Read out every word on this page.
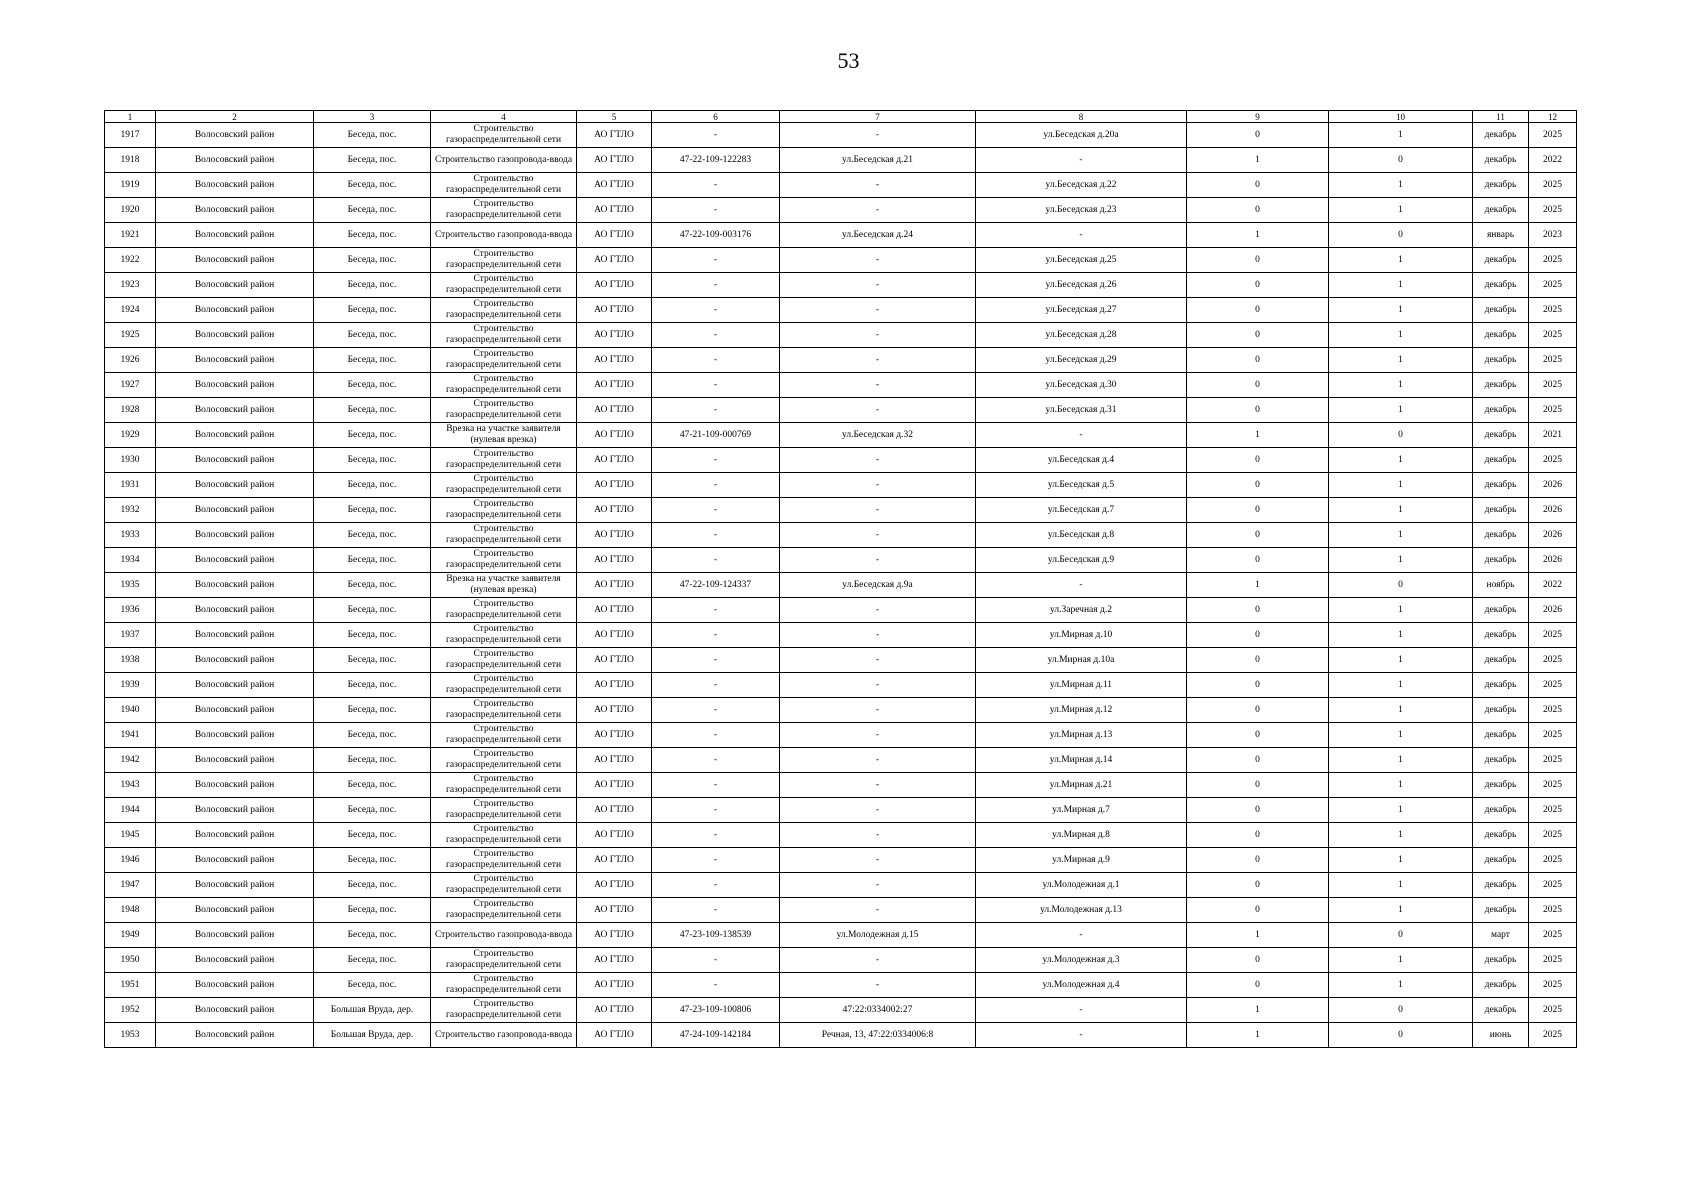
53
1	2	3	4	5	6	7	8	9	10	11	12
1917	Волосовский район	Беседа, пос.	Строительство газораспределительной сети	АО ГТЛО	-	-	ул.Беседская д.20а	0	1	декабрь	2025
1918	Волосовский район	Беседа, пос.	Строительство газопровода-ввода	АО ГТЛО	47-22-109-122283	ул.Беседская д.21	-	1	0	декабрь	2022
1919	Волосовский район	Беседа, пос.	Строительство газораспределительной сети	АО ГТЛО	-	-	ул.Беседская д.22	0	1	декабрь	2025
1920	Волосовский район	Беседа, пос.	Строительство газораспределительной сети	АО ГТЛО	-	-	ул.Беседская д.23	0	1	декабрь	2025
1921	Волосовский район	Беседа, пос.	Строительство газопровода-ввода	АО ГТЛО	47-22-109-003176	ул.Беседская д.24	-	1	0	январь	2023
1922	Волосовский район	Беседа, пос.	Строительство газораспределительной сети	АО ГТЛО	-	-	ул.Беседская д.25	0	1	декабрь	2025
1923	Волосовский район	Беседа, пос.	Строительство газораспределительной сети	АО ГТЛО	-	-	ул.Беседская д.26	0	1	декабрь	2025
1924	Волосовский район	Беседа, пос.	Строительство газораспределительной сети	АО ГТЛО	-	-	ул.Беседская д.27	0	1	декабрь	2025
1925	Волосовский район	Беседа, пос.	Строительство газораспределительной сети	АО ГТЛО	-	-	ул.Беседская д.28	0	1	декабрь	2025
1926	Волосовский район	Беседа, пос.	Строительство газораспределительной сети	АО ГТЛО	-	-	ул.Беседская д.29	0	1	декабрь	2025
1927	Волосовский район	Беседа, пос.	Строительство газораспределительной сети	АО ГТЛО	-	-	ул.Беседская д.30	0	1	декабрь	2025
1928	Волосовский район	Беседа, пос.	Строительство газораспределительной сети	АО ГТЛО	-	-	ул.Беседская д.31	0	1	декабрь	2025
1929	Волосовский район	Беседа, пос.	Врезка на участке заявителя (нулевая врезка)	АО ГТЛО	47-21-109-000769	ул.Беседская д.32	-	1	0	декабрь	2021
1930	Волосовский район	Беседа, пос.	Строительство газораспределительной сети	АО ГТЛО	-	-	ул.Беседская д.4	0	1	декабрь	2025
1931	Волосовский район	Беседа, пос.	Строительство газораспределительной сети	АО ГТЛО	-	-	ул.Беседская д.5	0	1	декабрь	2026
1932	Волосовский район	Беседа, пос.	Строительство газораспределительной сети	АО ГТЛО	-	-	ул.Беседская д.7	0	1	декабрь	2026
1933	Волосовский район	Беседа, пос.	Строительство газораспределительной сети	АО ГТЛО	-	-	ул.Беседская д.8	0	1	декабрь	2026
1934	Волосовский район	Беседа, пос.	Строительство газораспределительной сети	АО ГТЛО	-	-	ул.Беседская д.9	0	1	декабрь	2026
1935	Волосовский район	Беседа, пос.	Врезка на участке заявителя (нулевая врезка)	АО ГТЛО	47-22-109-124337	ул.Беседская д.9а	-	1	0	ноябрь	2022
1936	Волосовский район	Беседа, пос.	Строительство газораспределительной сети	АО ГТЛО	-	-	ул.Заречная д.2	0	1	декабрь	2026
1937	Волосовский район	Беседа, пос.	Строительство газораспределительной сети	АО ГТЛО	-	-	ул.Мирная д.10	0	1	декабрь	2025
1938	Волосовский район	Беседа, пос.	Строительство газораспределительной сети	АО ГТЛО	-	-	ул.Мирная д.10а	0	1	декабрь	2025
1939	Волосовский район	Беседа, пос.	Строительство газораспределительной сети	АО ГТЛО	-	-	ул.Мирная д.11	0	1	декабрь	2025
1940	Волосовский район	Беседа, пос.	Строительство газораспределительной сети	АО ГТЛО	-	-	ул.Мирная д.12	0	1	декабрь	2025
1941	Волосовский район	Беседа, пос.	Строительство газораспределительной сети	АО ГТЛО	-	-	ул.Мирная д.13	0	1	декабрь	2025
1942	Волосовский район	Беседа, пос.	Строительство газораспределительной сети	АО ГТЛО	-	-	ул.Мирная д.14	0	1	декабрь	2025
1943	Волосовский район	Беседа, пос.	Строительство газораспределительной сети	АО ГТЛО	-	-	ул.Мирная д.21	0	1	декабрь	2025
1944	Волосовский район	Беседа, пос.	Строительство газораспределительной сети	АО ГТЛО	-	-	ул.Мирная д.7	0	1	декабрь	2025
1945	Волосовский район	Беседа, пос.	Строительство газораспределительной сети	АО ГТЛО	-	-	ул.Мирная д.8	0	1	декабрь	2025
1946	Волосовский район	Беседа, пос.	Строительство газораспределительной сети	АО ГТЛО	-	-	ул.Мирная д.9	0	1	декабрь	2025
1947	Волосовский район	Беседа, пос.	Строительство газораспределительной сети	АО ГТЛО	-	-	ул.Молодежная д.1	0	1	декабрь	2025
1948	Волосовский район	Беседа, пос.	Строительство газораспределительной сети	АО ГТЛО	-	-	ул.Молодежная д.13	0	1	декабрь	2025
1949	Волосовский район	Беседа, пос.	Строительство газопровода-ввода	АО ГТЛО	47-23-109-138539	ул.Молодежная д.15	-	1	0	март	2025
1950	Волосовский район	Беседа, пос.	Строительство газораспределительной сети	АО ГТЛО	-	-	ул.Молодежная д.3	0	1	декабрь	2025
1951	Волосовский район	Беседа, пос.	Строительство газораспределительной сети	АО ГТЛО	-	-	ул.Молодежная д.4	0	1	декабрь	2025
1952	Волосовский район	Большая Вруда, дер.	Строительство газораспределительной сети	АО ГТЛО	47-23-109-100806	47:22:0334002:27	-	1	0	декабрь	2025
1953	Волосовский район	Большая Вруда, дер.	Строительство газопровода-ввода	АО ГТЛО	47-24-109-142184	Речная, 13, 47:22:0334006:8	-	1	0	июнь	2025
